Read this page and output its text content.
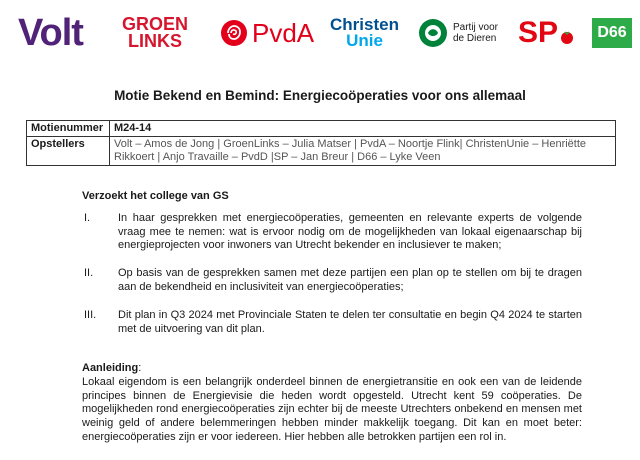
Volt GROEN
LINKS	PvdA Christen
Unie
Partij voor
de Dieren SP	D66
Motie Bekend en Bemind: Energiecoöperaties voor ons allemaal
Motienummer	M24-14
Opstellers	Volt – Amos de Jong | GroenLinks – Julia Matser | PvdA – Noortje Flink| ChristenUnie – Henriëtte Rikkoert | Anjo Travaille – PvdD |SP – Jan Breur | D66 – Lyke Veen
Verzoekt het college van GS
I.	In haar gesprekken met energiecoöperaties, gemeenten en relevante experts de volgende vraag mee te nemen: wat is ervoor nodig om de mogelijkheden van lokaal eigenaarschap bij energieprojecten voor inwoners van Utrecht bekender en inclusiever te maken;
II.	Op basis van de gesprekken samen met deze partijen een plan op te stellen om bij te dragen aan de bekendheid en inclusiviteit van energiecoöperaties;
III.	Dit plan in Q3 2024 met Provinciale Staten te delen ter consultatie en begin Q4 2024 te starten met de uitvoering van dit plan.
Aanleiding:

Lokaal eigendom is een belangrijk onderdeel binnen de energietransitie en ook een van de leidende principes binnen de Energievisie die heden wordt opgesteld. Utrecht kent 59 coöperaties. De mogelijkheden rond energiecoöperaties zijn echter bij de meeste Utrechters onbekend en mensen met weinig geld of andere belemmeringen hebben minder makkelijk toegang. Dit kan en moet beter: energiecoöperaties zijn er voor iedereen. Hier hebben alle betrokken partijen een rol in.
